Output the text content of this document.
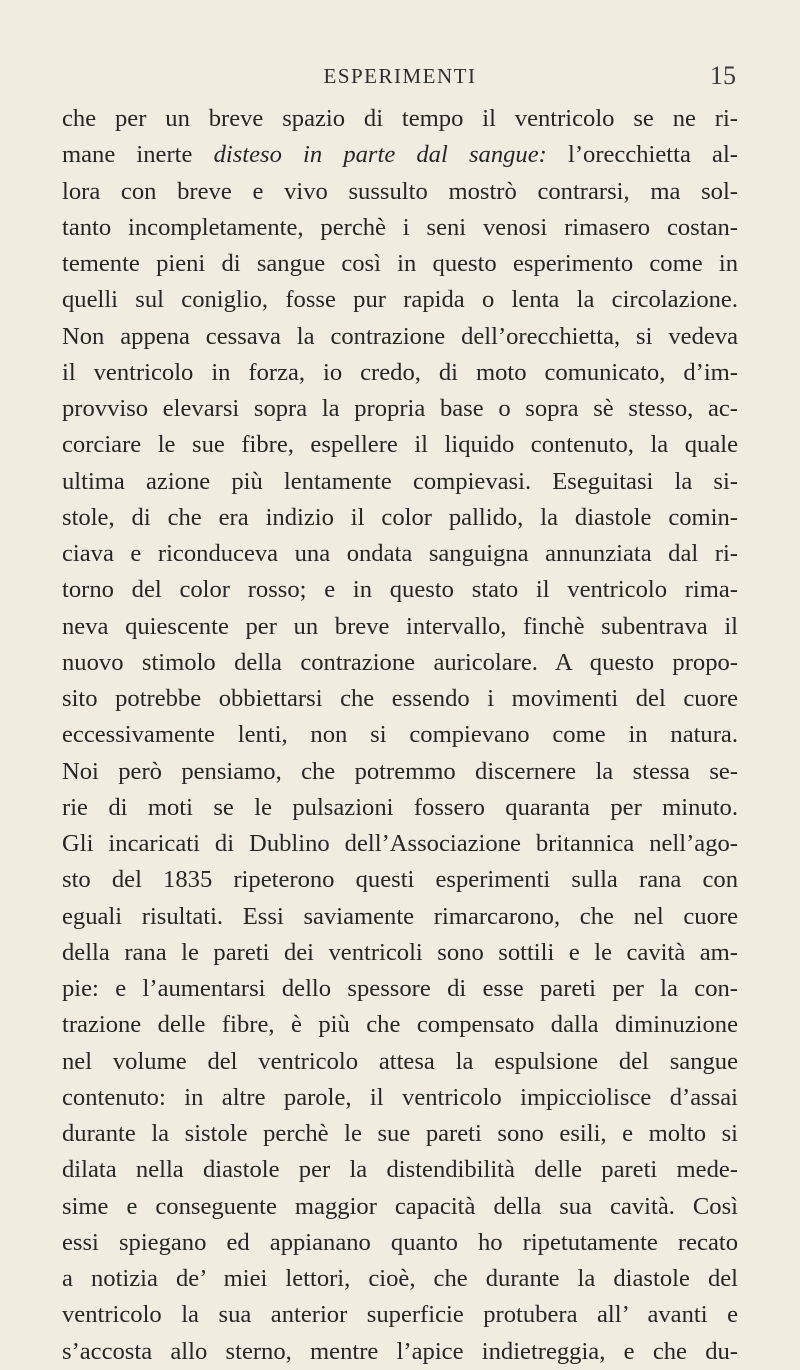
ESPERIMENTI	15
che per un breve spazio di tempo il ventricolo se ne ri-
mane inerte disteso in parte dal sangue: l’orecchietta al-
lora con breve e vivo sussulto mostrò contrarsi, ma sol-
tanto incompletamente, perchè i seni venosi rimasero costan-
temente pieni di sangue così in questo esperimento come in
quelli sul coniglio, fosse pur rapida o lenta la circolazione.
Non appena cessava la contrazione dell’orecchietta, si vedeva
il ventricolo in forza, io credo, di moto comunicato, d’im-
provviso elevarsi sopra la propria base o sopra sè stesso, ac-
corciare le sue fibre, espellere il liquido contenuto, la quale
ultima azione più lentamente compievasi. Eseguitasi la si-
stole, di che era indizio il color pallido, la diastole comin-
ciava e riconduceva una ondata sanguigna annunziata dal ri-
torno del color rosso; e in questo stato il ventricolo rima-
neva quiescente per un breve intervallo, finchè subentrava il
nuovo stimolo della contrazione auricolare. A questo propo-
sito potrebbe obbiettarsi che essendo i movimenti del cuore
eccessivamente lenti, non si compievano come in natura.
Noi però pensiamo, che potremmo discernere la stessa se-
rie di moti se le pulsazioni fossero quaranta per minuto.
Gli incaricati di Dublino dell’Associazione britannica nell’ago-
sto del 1835 ripeterono questi esperimenti sulla rana con
eguali risultati. Essi saviamente rimarcarono, che nel cuore
della rana le pareti dei ventricoli sono sottili e le cavità am-
pie: e l’aumentarsi dello spessore di esse pareti per la con-
trazione delle fibre, è più che compensato dalla diminuzione
nel volume del ventricolo attesa la espulsione del sangue
contenuto: in altre parole, il ventricolo impicciolisce d’assai
durante la sistole perchè le sue pareti sono esili, e molto si
dilata nella diastole per la distendibilità delle pareti mede-
sime e conseguente maggior capacità della sua cavità. Così
essi spiegano ed appianano quanto ho ripetutamente recato
a notizia de’ miei lettori, cioè, che durante la diastole del
ventricolo la sua anterior superficie protubera all’ avanti e
s’accosta allo sterno, mentre l’apice indietreggia, e che du-
